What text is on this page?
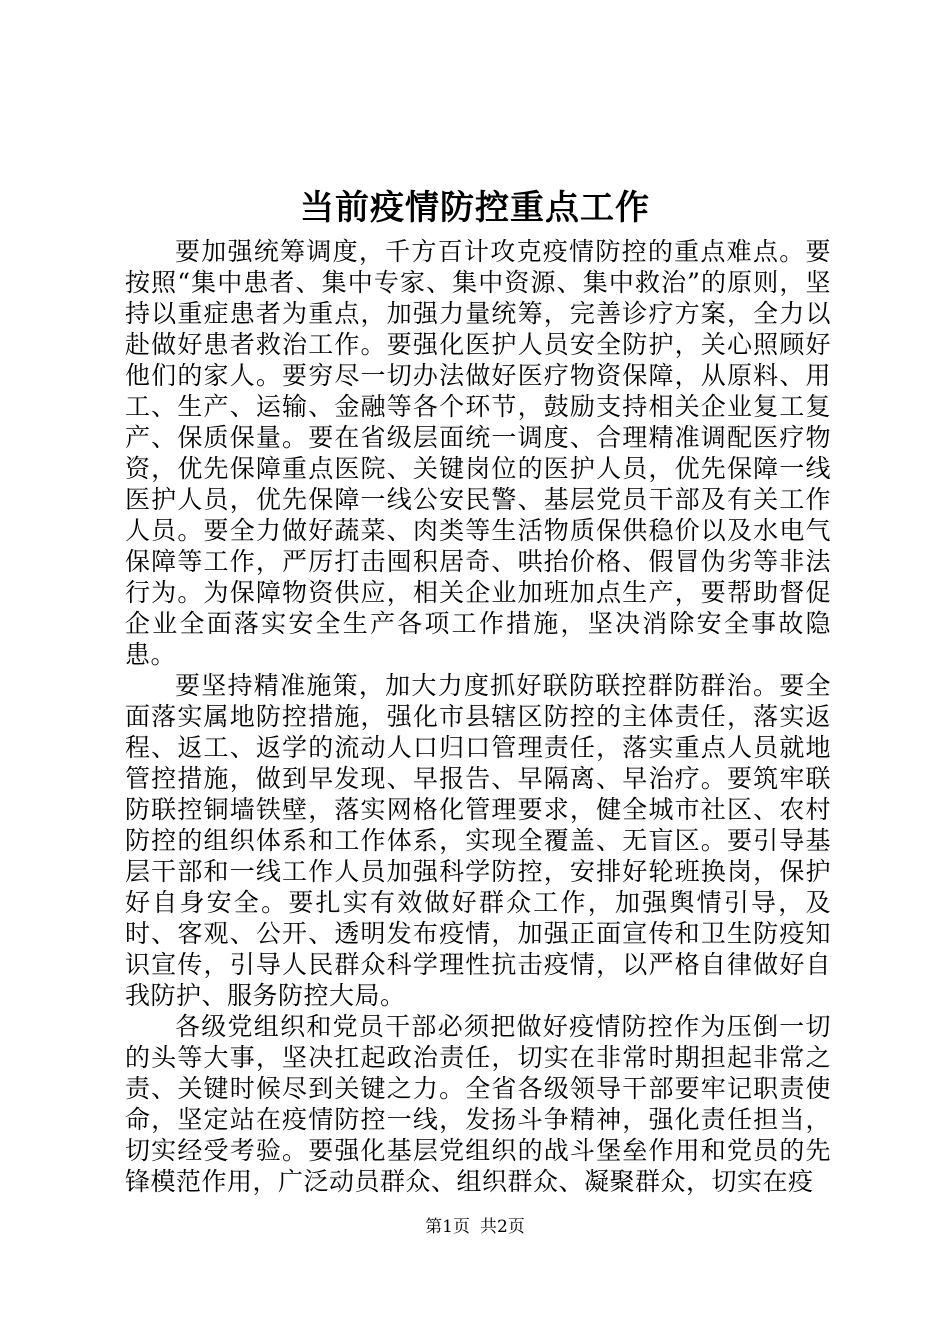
当前疫情防控重点工作

要加强统筹调度，千方百计攻克疫情防控的重点难点。要按照“集中患者、集中专家、集中资源、集中救治”的原则，坚持以重症患者为重点，加强力量统筹，完善诊疗方案，全力以赴做好患者救治工作。要强化医护人员安全防护，关心照顾好他们的家人。要穷尽一切办法做好医疗物资保障，从原料、用工、生产、运输、金融等各个环节，鼓励支持相关企业复工复产、保质保量。要在省级层面统一调度、合理精准调配医疗物资，优先保障重点医院、关键岗位的医护人员，优先保障一线医护人员，优先保障一线公安民警、基层党员干部及有关工作人员。要全力做好蔬菜、肉类等生活物质保供稳价以及水电气保障等工作，严厉打击囤积居奇、哄抬价格、假冒伪劣等非法行为。为保障物资供应，相关企业加班加点生产，要帮助督促企业全面落实安全生产各项工作措施，坚决消除安全事故隐患。

要坚持精准施策，加大力度抓好联防联控群防群治。要全面落实属地防控措施，强化市县辖区防控的主体责任，落实返程、返工、返学的流动人口归口管理责任，落实重点人员就地管控措施，做到早发现、早报告、早隔离、早治疗。要筑牢联防联控铜墙铁壁，落实网格化管理要求，健全城市社区、农村防控的组织体系和工作体系，实现全覆盖、无盲区。要引导基层干部和一线工作人员加强科学防控，安排好轮班换岗，保护好自身安全。要扎实有效做好群众工作，加强舆情引导，及时、客观、公开、透明发布疫情，加强正面宣传和卫生防疫知识宣传，引导人民群众科学理性抗击疫情，以严格自律做好自我防护、服务防控大局。

各级党组织和党员干部必须把做好疫情防控作为压倒一切的头等大事，坚决扛起政治责任，切实在非常时期担起非常之责、关键时候尽到关键之力。全省各级领导干部要牢记职责使命，坚定站在疫情防控一线，发扬斗争精神，强化责任担当，切实经受考验。要强化基层党组织的战斗堡垒作用和党员的先锋模范作用，广泛动员群众、组织群众、凝聚群众，切实在疫

第1页 共2页
